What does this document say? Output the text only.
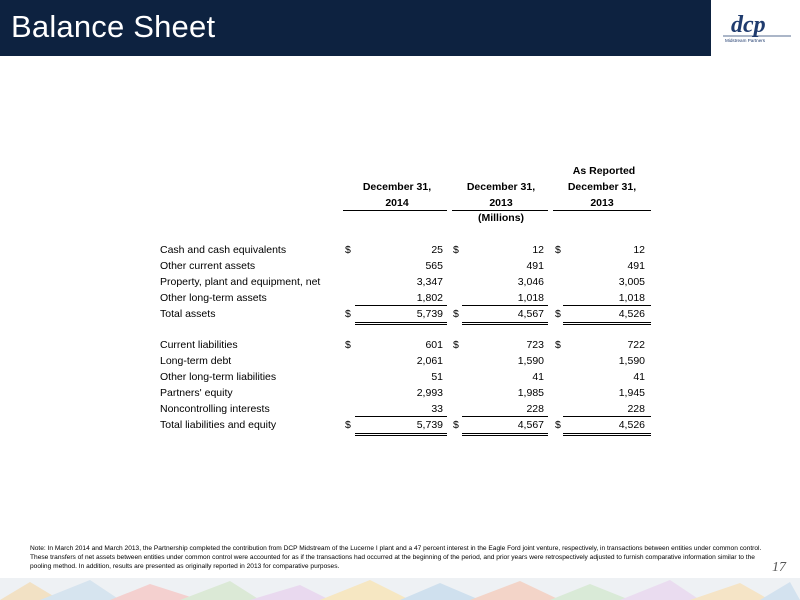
Balance Sheet	dcp
Midstream Partners
As Reported
December 31,	December 31,	December 31,
2014	2013	2013
(Millions)
Cash and cash equivalents	$	25 $	12 $	12
Other current assets	565	491	491
Property, plant and equipment, net	3,347	3,046	3,005
Other long-term assets	1,802	1,018	1,018
Total assets	$	5,739 $	4,567 $	4,526
Current liabilities	$	601 $	723 $	722
Long-term debt	2,061	1,590	1,590
Other long-term liabilities	51	41	41
Partners' equity	2,993	1,985	1,945
Noncontrolling interests	33	228	228
Total liabilities and equity	$	5,739 $	4,567 $	4,526
Note: In March 2014 and March 2013, the Partnership completed the contribution from DCP Midstream of the Lucerne I plant and a 47 percent interest in the Eagle Ford joint venture, respectively, in transactions between entities under common control. These transfers of net assets between entities under common control were accounted for as if the transactions had occurred at the beginning of the period, and prior years were retrospectively adjusted to furnish comparative information similar to the pooling method. In addition, results are presented as originally reported in 2013 for comparative purposes.	17
